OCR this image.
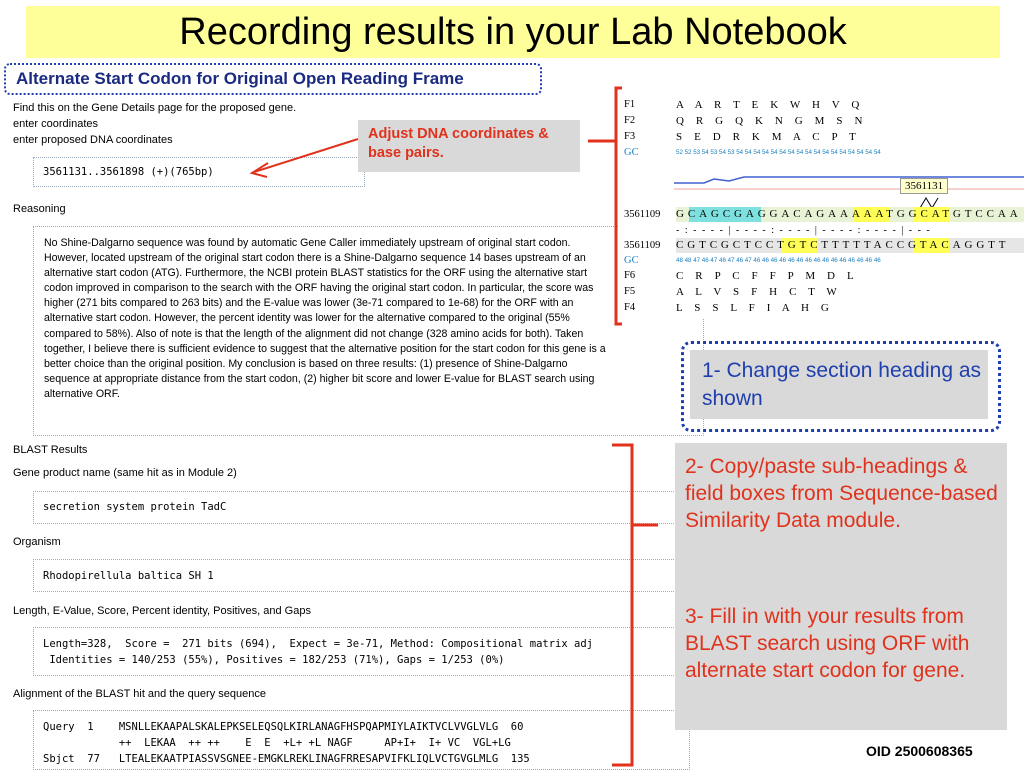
Recording results in your Lab Notebook
Alternate Start Codon for Original Open Reading Frame
Find this on the Gene Details page for the proposed gene.
enter coordinates
enter proposed DNA coordinates
3561131..3561898 (+)(765bp)
Adjust DNA coordinates & base pairs.
Reasoning
No Shine-Dalgarno sequence was found by automatic Gene Caller immediately upstream of original start codon. However, located upstream of the original start codon there is a Shine-Dalgarno sequence 14 bases upstream of an alternative start codon (ATG). Furthermore, the NCBI protein BLAST statistics for the ORF using the alternative start codon improved in comparison to the search with the ORF having the original start codon. In particular, the score was higher (271 bits compared to 263 bits) and the E-value was lower (3e-71 compared to 1e-68) for the ORF with an alternative start codon. However, the percent identity was lower for the alternative compared to the original (55% compared to 58%). Also of note is that the length of the alignment did not change (328 amino acids for both). Taken together, I believe there is sufficient evidence to suggest that the alternative position for the start codon for this gene is a better choice than the original position. My conclusion is based on three results: (1) presence of Shine-Dalgarno sequence at appropriate distance from the start codon, (2) higher bit score and lower E-value for BLAST search using alternative ORF.
BLAST Results
Gene product name (same hit as in Module 2)
secretion system protein TadC
Organism
Rhodopirellula baltica SH 1
Length, E-Value, Score, Percent identity, Positives, and Gaps
Length=328,  Score =  271 bits (694),  Expect = 3e-71, Method: Compositional matrix adj
Identities = 140/253 (55%), Positives = 182/253 (71%), Gaps = 1/253 (0%)
Alignment of the BLAST hit and the query sequence
Query  1    MSNLLEKAAPALSKALEPKSELEQSQLKIRLANAGFHSPQAPMIYLAIKTVCLVVGLVLG  60
++  LEKAA  ++ ++    E  E  +L+ +L NAGF     AP+I+  I+ VC  VGL+LG
Sbjct  77   LTEALEKAATPIASSVSGNEE-EMGKLREKLINAGFRRESAPVIFKLIQLVCTGVGLMLG  135
F1	A A R T E K W H V Q
F2	Q R G Q K N G M S N
F3	S E D R K M A C P T
GC	52 52 53 54 53 54 53 54 54 54 54 54 54 54 54 54 54 54 54 54 54 54 54 54
3561131
3561109 GCAGCGAGGACAGAAAAATGGCATGTCCAA
- : - - - - | - - - - : - - - - | - - - - : - - - - | - - -
3561109 CGTCGCTCCTGTCTTTTTACCGTACAGGTT
GC	48 48 47 46 47 46 47 46 47 46 46 46 46 46 46 46 46 46 46 46 46 46 46 46
F6	C R P C F F P M D L
F5	A L V S F H C T W
F4	L S S L F I A H G
1- Change section heading as shown
2- Copy/paste sub-headings & field boxes from Sequence-based Similarity Data module.
3- Fill in with your results from BLAST search using ORF with alternate start codon for gene.
OID 2500608365
